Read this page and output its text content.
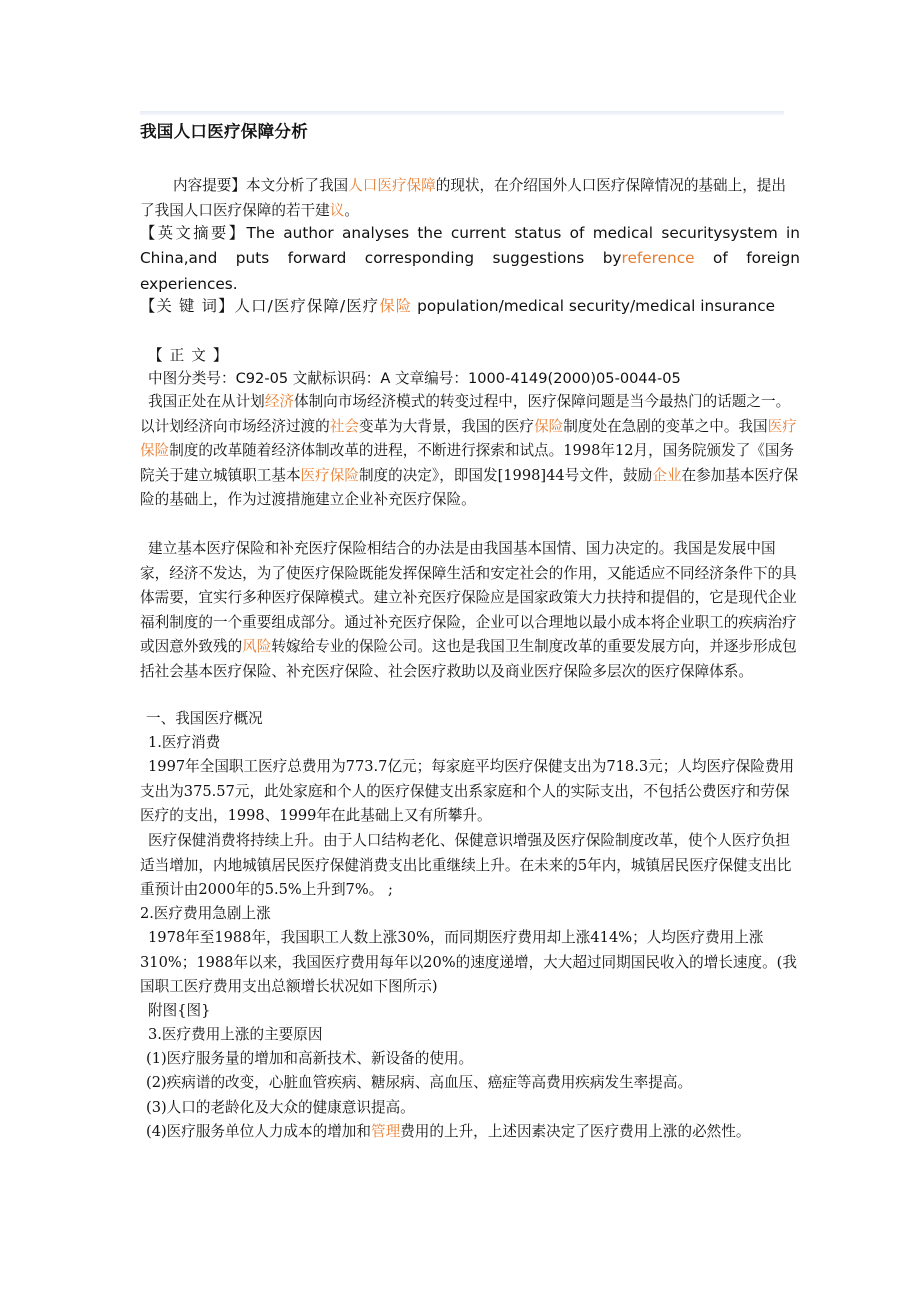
我国人口医疗保障分析

内容提要】本文分析了我国人口医疗保障的现状，在介绍国外人口医疗保障情况的基础上，提出了我国人口医疗保障的若干建议。

【英文摘要】The author analyses the current status of medical securitysystem in China,and puts forward corresponding suggestions byreference of foreign experiences.

【关 键 词】人口/医疗保障/医疗保险 population/medical security/medical insurance

【 正 文 】

中图分类号：C92-05 文献标识码：A 文章编号：1000-4149(2000)05-0044-05

我国正处在从计划经济体制向市场经济模式的转变过程中，医疗保障问题是当今最热门的话题之一。以计划经济向市场经济过渡的社会变革为大背景，我国的医疗保险制度处在急剧的变革之中。我国医疗保险制度的改革随着经济体制改革的进程，不断进行探索和试点。1998年12月，国务院颁发了《国务院关于建立城镇职工基本医疗保险制度的决定》，即国发[1998]44号文件，鼓励企业在参加基本医疗保险的基础上，作为过渡措施建立企业补充医疗保险。

建立基本医疗保险和补充医疗保险相结合的办法是由我国基本国情、国力决定的。我国是发展中国家，经济不发达，为了使医疗保险既能发挥保障生活和安定社会的作用，又能适应不同经济条件下的具体需要，宜实行多种医疗保障模式。建立补充医疗保险应是国家政策大力扶持和提倡的，它是现代企业福利制度的一个重要组成部分。通过补充医疗保险，企业可以合理地以最小成本将企业职工的疾病治疗或因意外致残的风险转嫁给专业的保险公司。这也是我国卫生制度改革的重要发展方向，并逐步形成包括社会基本医疗保险、补充医疗保险、社会医疗救助以及商业医疗保险多层次的医疗保障体系。

一、我国医疗概况

1.医疗消费

1997年全国职工医疗总费用为773.7亿元；每家庭平均医疗保健支出为718.3元；人均医疗保险费用支出为375.57元，此处家庭和个人的医疗保健支出系家庭和个人的实际支出，不包括公费医疗和劳保医疗的支出，1998、1999年在此基础上又有所攀升。

医疗保健消费将持续上升。由于人口结构老化、保健意识增强及医疗保险制度改革，使个人医疗负担适当增加，内地城镇居民医疗保健消费支出比重继续上升。在未来的5年内，城镇居民医疗保健支出比重预计由2000年的5.5%上升到7%。 ;

2.医疗费用急剧上涨

1978年至1988年，我国职工人数上涨30%，而同期医疗费用却上涨414%；人均医疗费用上涨310%；1988年以来，我国医疗费用每年以20%的速度递增，大大超过同期国民收入的增长速度。(我国职工医疗费用支出总额增长状况如下图所示)

附图{图}

3.医疗费用上涨的主要原因

(1)医疗服务量的增加和高新技术、新设备的使用。

(2)疾病谱的改变，心脏血管疾病、糖尿病、高血压、癌症等高费用疾病发生率提高。

(3)人口的老龄化及大众的健康意识提高。

(4)医疗服务单位人力成本的增加和管理费用的上升，上述因素决定了医疗费用上涨的必然性。
